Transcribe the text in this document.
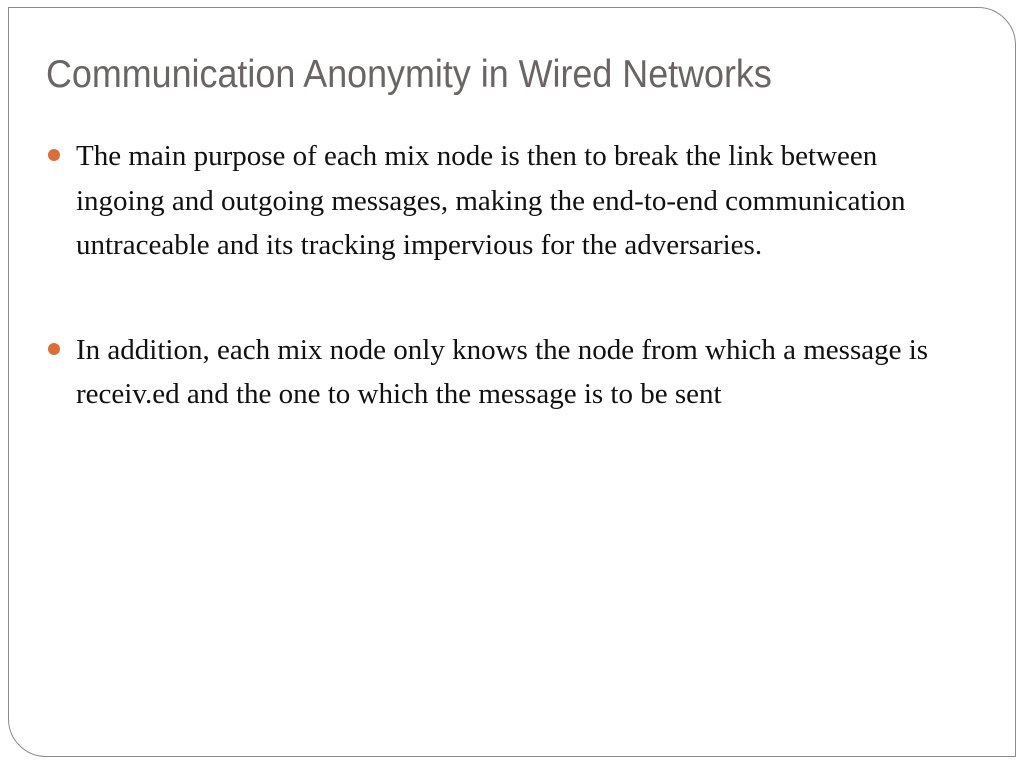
Communication Anonymity in Wired Networks
The main purpose of each mix node is then to break the link between ingoing and outgoing messages, making the end-to-end communication untraceable and its tracking impervious for the adversaries.
In addition, each mix node only knows the node from which a message is receiv.ed and the one to which the message is to be sent
